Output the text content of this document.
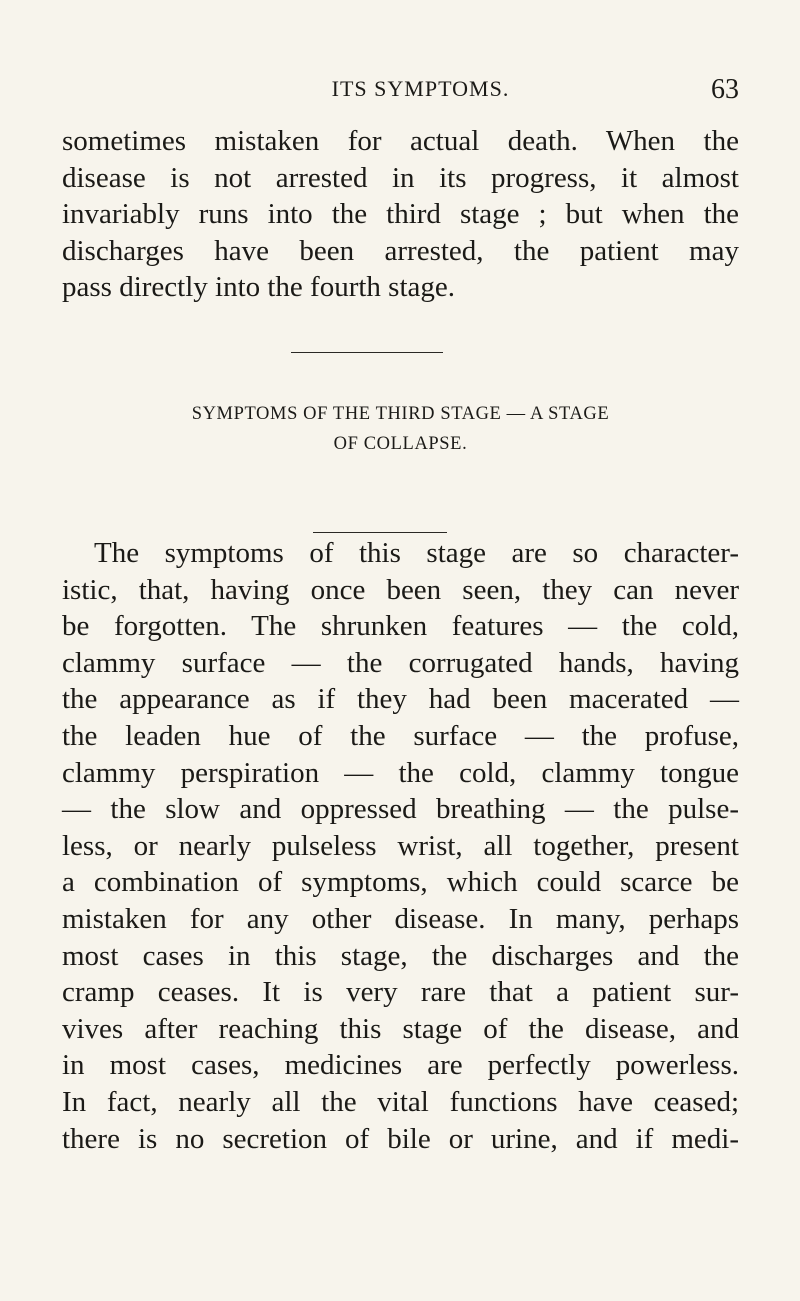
ITS SYMPTOMS.	63
sometimes mistaken for actual death. When the
disease is not arrested in its progress, it almost
invariably runs into the third stage ; but when the
discharges have been arrested, the patient may
pass directly into the fourth stage.
SYMPTOMS OF THE THIRD STAGE — A STAGE
OF COLLAPSE.
The symptoms of this stage are so character-
istic, that, having once been seen, they can never
be forgotten. The shrunken features — the cold,
clammy surface — the corrugated hands, having
the appearance as if they had been macerated —
the leaden hue of the surface — the profuse,
clammy perspiration — the cold, clammy tongue
— the slow and oppressed breathing — the pulse-
less, or nearly pulseless wrist, all together, present
a combination of symptoms, which could scarce be
mistaken for any other disease. In many, perhaps
most cases in this stage, the discharges and the
cramp ceases. It is very rare that a patient sur-
vives after reaching this stage of the disease, and
in most cases, medicines are perfectly powerless.
In fact, nearly all the vital functions have ceased;
there is no secretion of bile or urine, and if medi-
